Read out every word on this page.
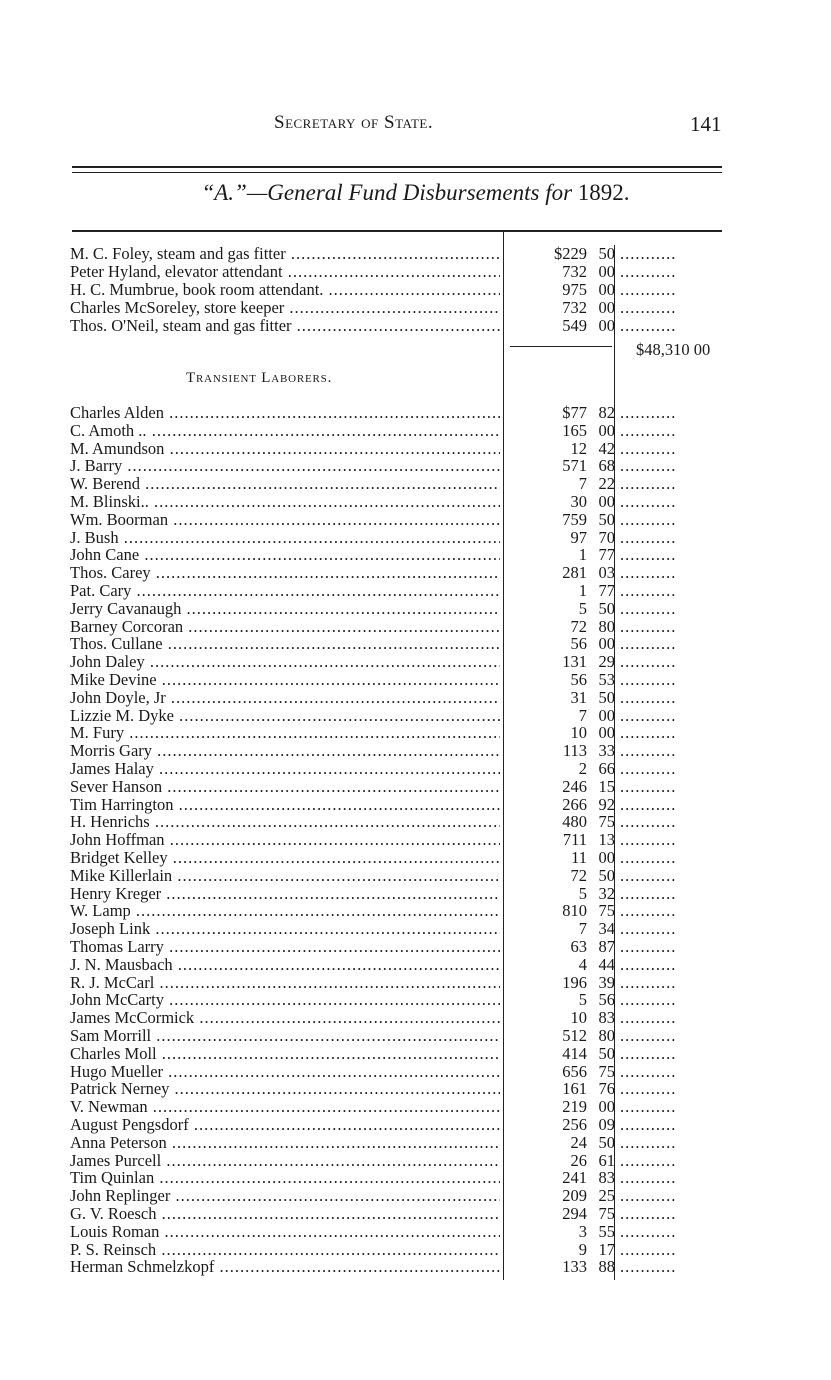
Secretary of State.	141
“A.”—General Fund Disbursements for 1892.
$48,310 00
Transient Laborers.
M. C. Foley, steam and gas fitter .....	$229 50 ...........
Peter Hyland, elevator attendant .....	732 00 ...........
H. C. Mumbrue, book room attendant. .....	975 00 ...........
Charles McSoreley, store keeper .....	732 00 ...........
Thos. O'Neil, steam and gas fitter .....	549 00 ...........
Charles Alden .....	$77 82 ...........
C. Amoth .. .....	165 00 ...........
M. Amundson .....	12 42 ...........
J. Barry .....	571 68 ...........
W. Berend .....	7 22 ...........
M. Blinski.. .....	30 00 ...........
Wm. Boorman .....	759 50 ...........
J. Bush .....	97 70 ...........
John Cane .....	1 77 ...........
Thos. Carey .....	281 03 ...........
Pat. Cary .....	1 77 ...........
Jerry Cavanaugh .....	5 50 ...........
Barney Corcoran .....	72 80 ...........
Thos. Cullane .....	56 00 ...........
John Daley .....	131 29 ...........
Mike Devine .....	56 53 ...........
John Doyle, Jr .....	31 50 ...........
Lizzie M. Dyke .....	7 00 ...........
M. Fury .....	10 00 ...........
Morris Gary .....	113 33 ...........
James Halay .....	2 66 ...........
Sever Hanson .....	246 15 ...........
Tim Harrington .....	266 92 ...........
H. Henrichs .....	480 75 ...........
John Hoffman .....	711 13 ...........
Bridget Kelley .....	11 00 ...........
Mike Killerlain .....	72 50 ...........
Henry Kreger .....	5 32 ...........
W. Lamp .....	810 75 ...........
Joseph Link .....	7 34 ...........
Thomas Larry .....	63 87 ...........
J. N. Mausbach .....	4 44 ...........
R. J. McCarl .....	196 39 ...........
John McCarty .....	5 56 ...........
James McCormick .....	10 83 ...........
Sam Morrill .....	512 80 ...........
Charles Moll .....	414 50 ...........
Hugo Mueller .....	656 75 ...........
Patrick Nerney .....	161 76 ...........
V. Newman .....	219 00 ...........
August Pengsdorf .....	256 09 ...........
Anna Peterson .....	24 50 ...........
James Purcell .....	26 61 ...........
Tim Quinlan .....	241 83 ...........
John Replinger .....	209 25 ...........
G. V. Roesch .....	294 75 ...........
Louis Roman .....	3 55 ...........
P. S. Reinsch .....	9 17 ...........
Herman Schmelzkopf .....	133 88 ...........
